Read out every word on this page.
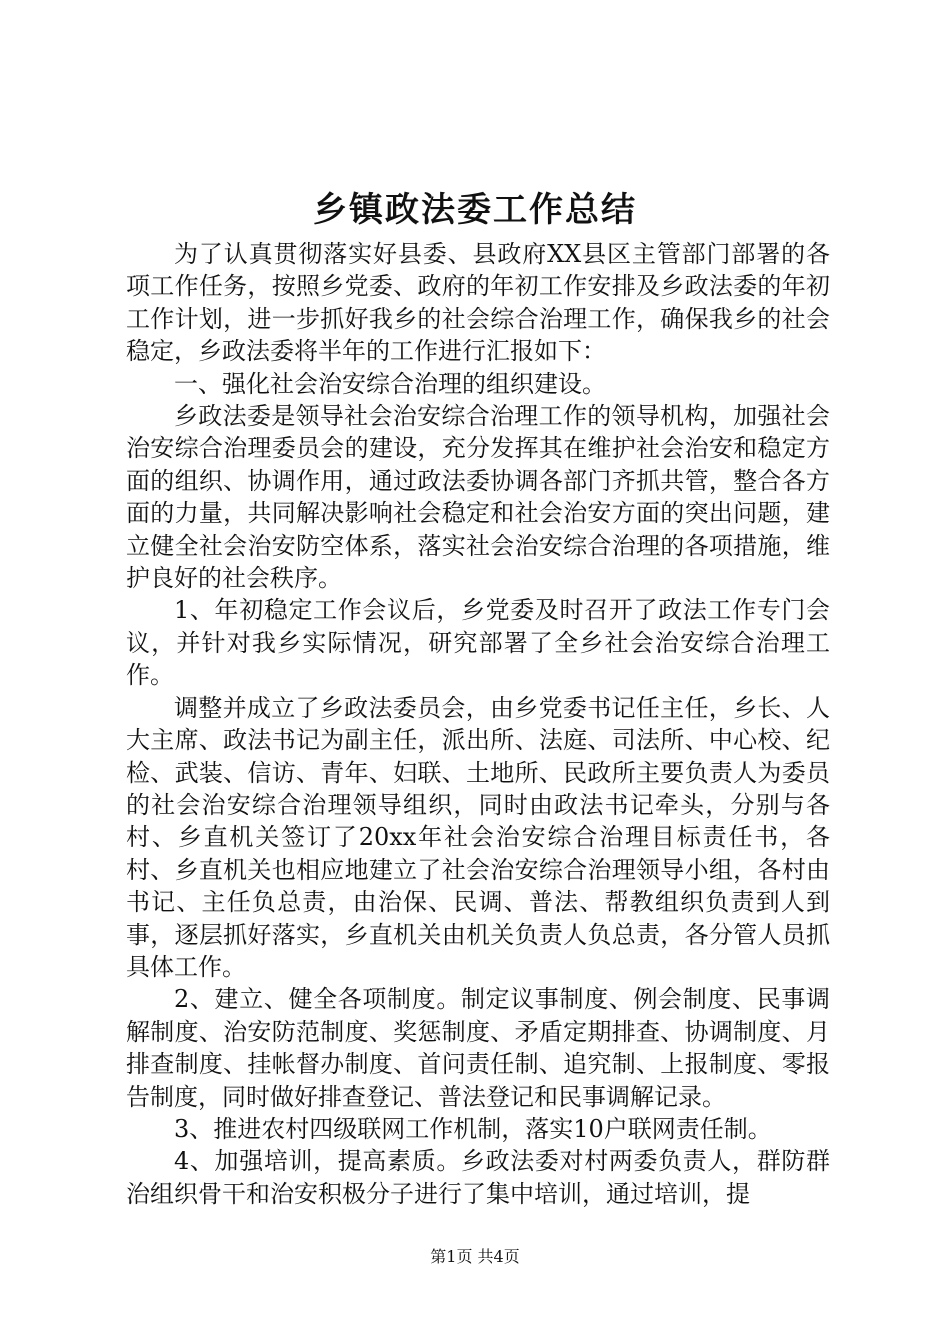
乡镇政法委工作总结

为了认真贯彻落实好县委、县政府XX县区主管部门部署的各项工作任务，按照乡党委、政府的年初工作安排及乡政法委的年初工作计划，进一步抓好我乡的社会综合治理工作，确保我乡的社会稳定，乡政法委将半年的工作进行汇报如下：

一、强化社会治安综合治理的组织建设。

乡政法委是领导社会治安综合治理工作的领导机构，加强社会治安综合治理委员会的建设，充分发挥其在维护社会治安和稳定方面的组织、协调作用，通过政法委协调各部门齐抓共管，整合各方面的力量，共同解决影响社会稳定和社会治安方面的突出问题，建立健全社会治安防空体系，落实社会治安综合治理的各项措施，维护良好的社会秩序。

1、年初稳定工作会议后，乡党委及时召开了政法工作专门会议，并针对我乡实际情况，研究部署了全乡社会治安综合治理工作。

调整并成立了乡政法委员会，由乡党委书记任主任，乡长、人大主席、政法书记为副主任，派出所、法庭、司法所、中心校、纪检、武装、信访、青年、妇联、土地所、民政所主要负责人为委员的社会治安综合治理领导组织，同时由政法书记牵头，分别与各村、乡直机关签订了20xx年社会治安综合治理目标责任书，各村、乡直机关也相应地建立了社会治安综合治理领导小组，各村由书记、主任负总责，由治保、民调、普法、帮教组织负责到人到事，逐层抓好落实，乡直机关由机关负责人负总责，各分管人员抓具体工作。

2、建立、健全各项制度。制定议事制度、例会制度、民事调解制度、治安防范制度、奖惩制度、矛盾定期排查、协调制度、月排查制度、挂帐督办制度、首问责任制、追究制、上报制度、零报告制度，同时做好排查登记、普法登记和民事调解记录。

3、推进农村四级联网工作机制，落实10户联网责任制。

4、加强培训，提高素质。乡政法委对村两委负责人，群防群治组织骨干和治安积极分子进行了集中培训，通过培训，提

第1页 共4页
